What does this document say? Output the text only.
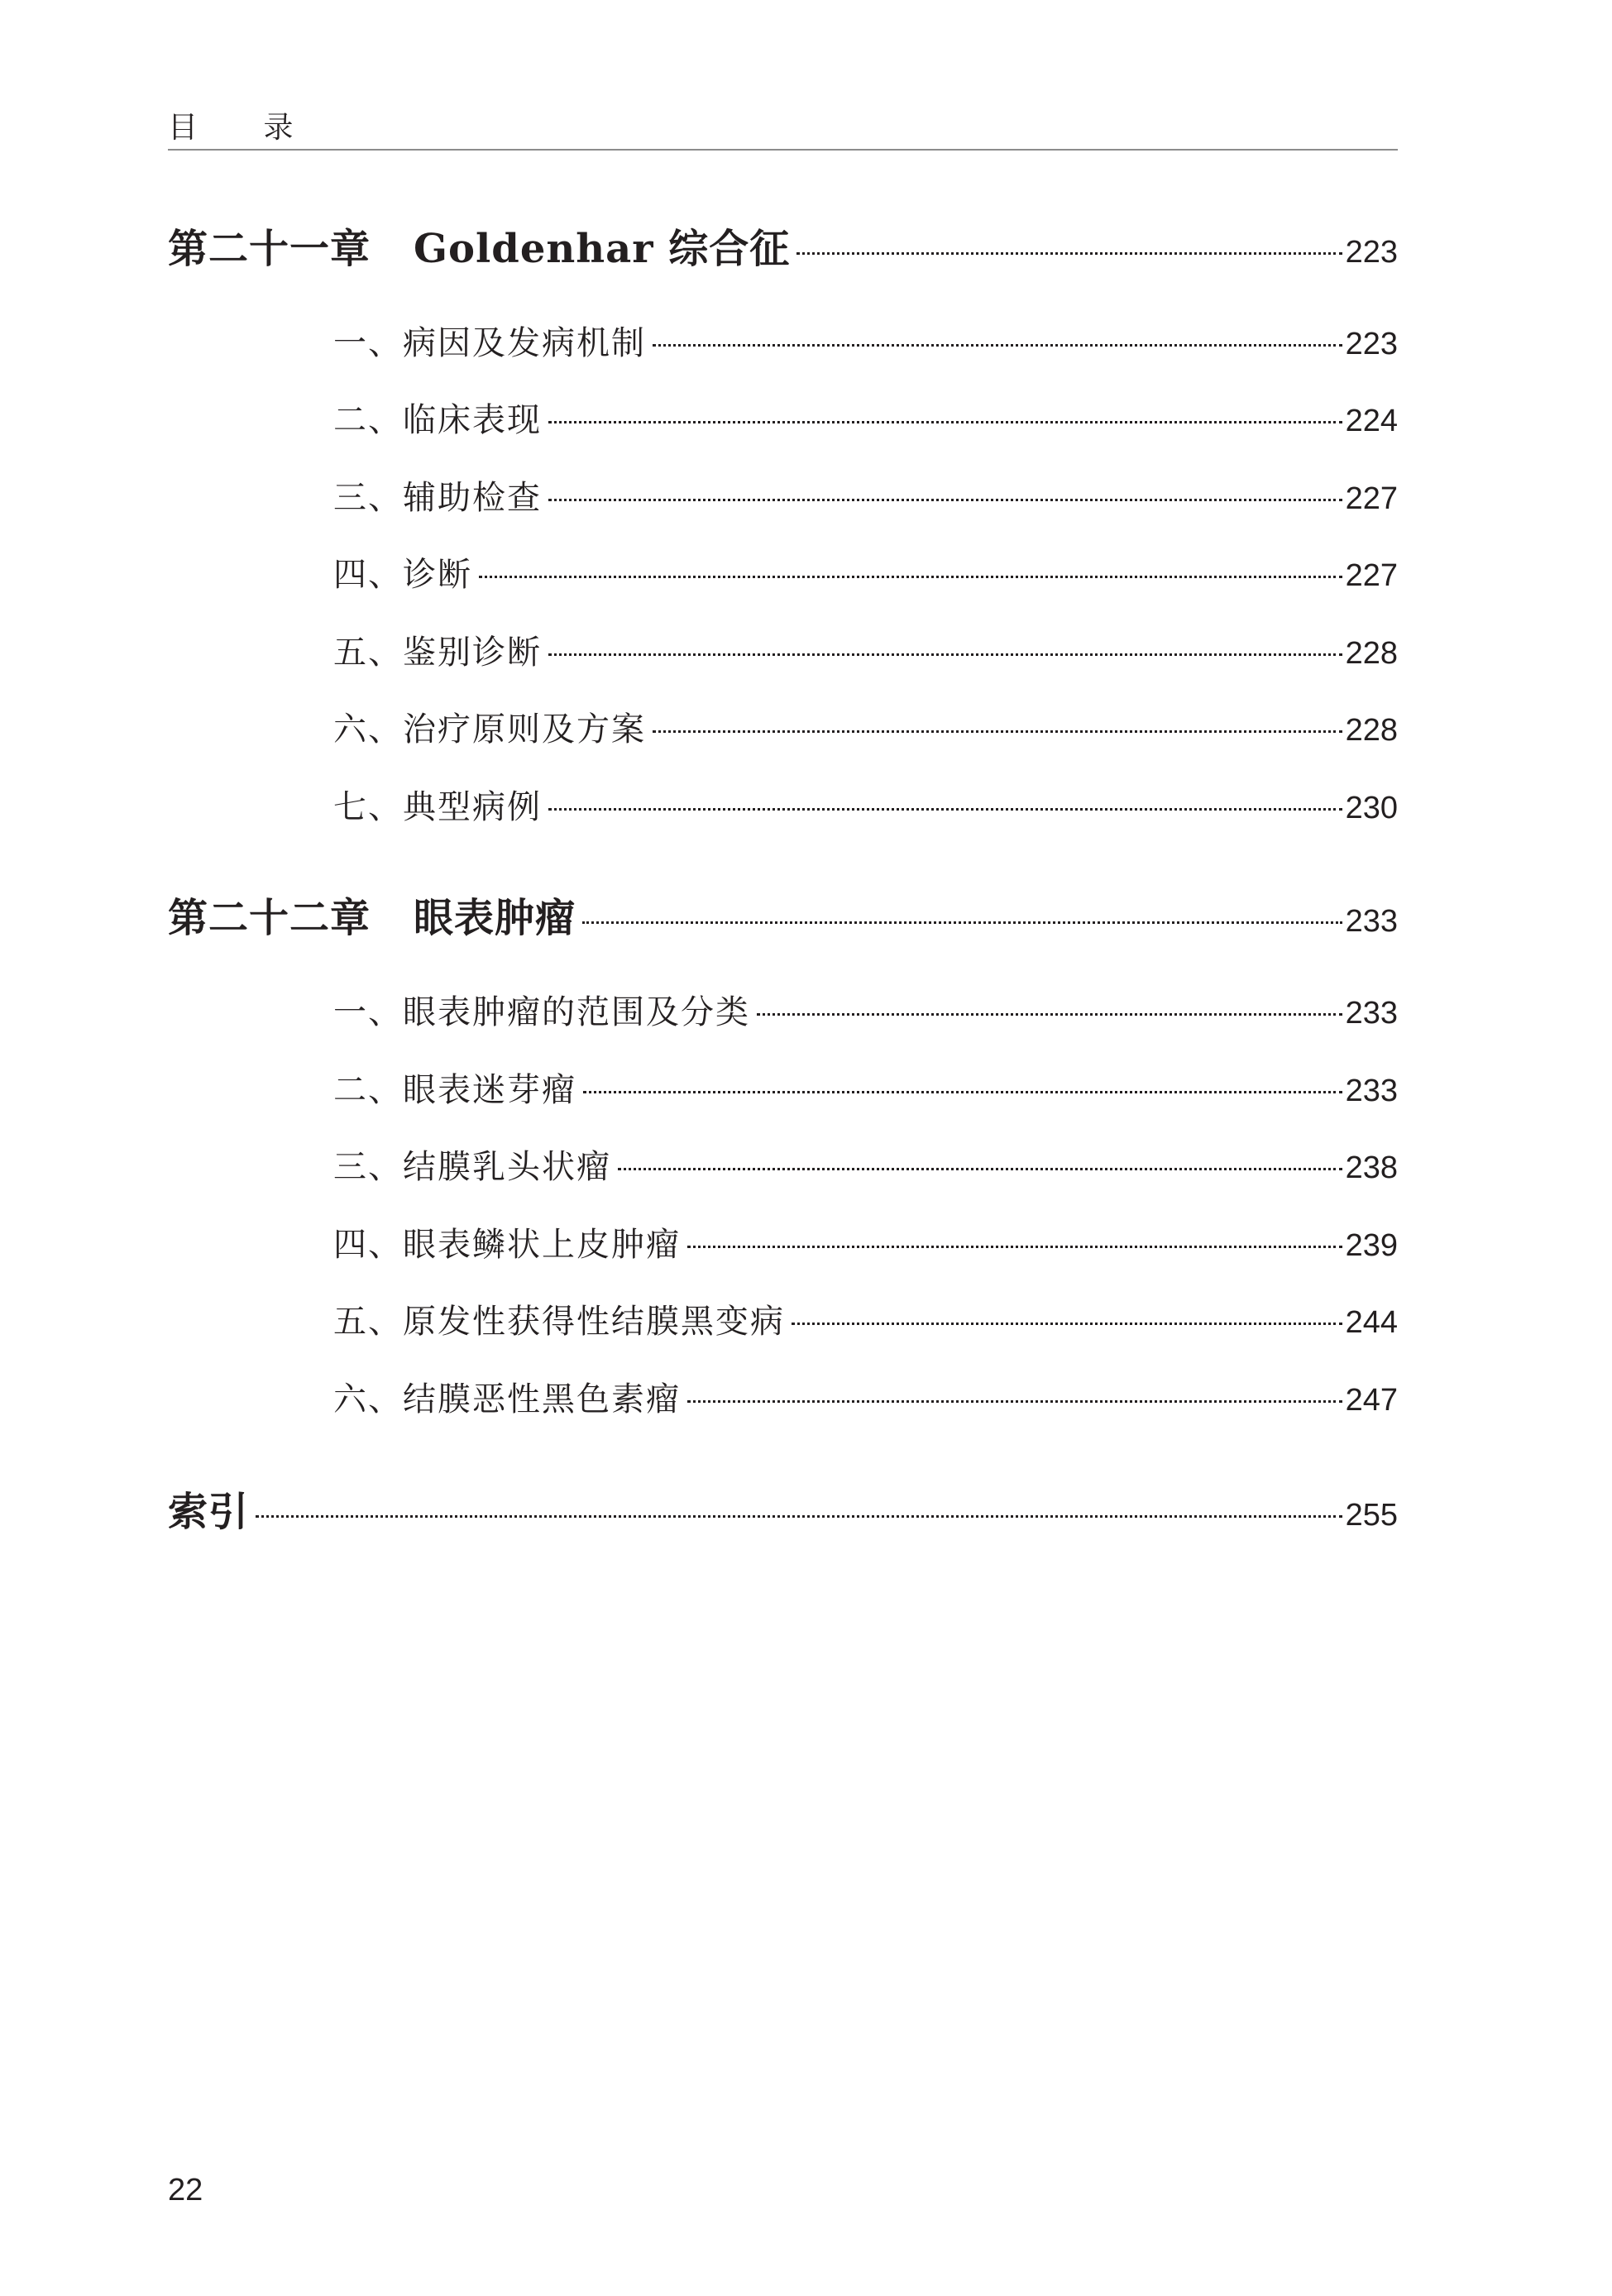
目 录
第二十一章 Goldenhar 综合征	223
一、病因及发病机制	223
二、临床表现	224
三、辅助检查	227
四、诊断	227
五、鉴别诊断	228
六、治疗原则及方案	228
七、典型病例	230
第二十二章 眼表肿瘤	233
一、眼表肿瘤的范围及分类	233
二、眼表迷芽瘤	233
三、结膜乳头状瘤	238
四、眼表鳞状上皮肿瘤	239
五、原发性获得性结膜黑变病	244
六、结膜恶性黑色素瘤	247
索引	255
22
